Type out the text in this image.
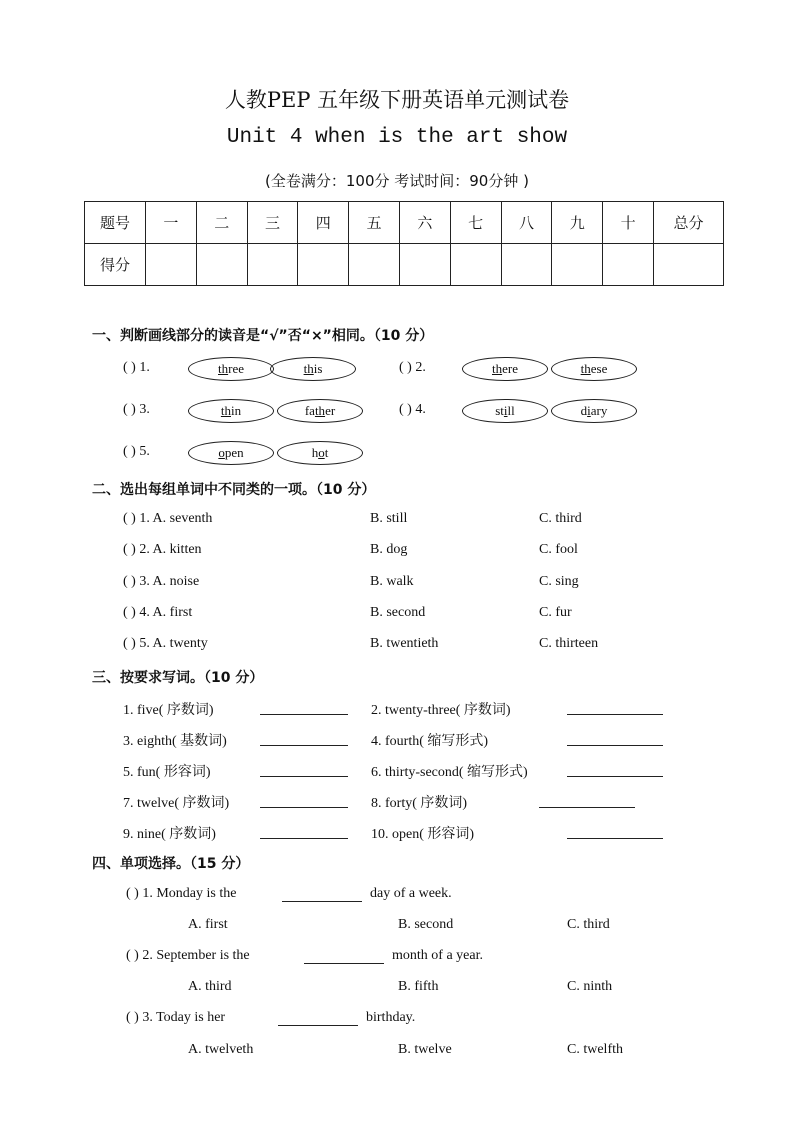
人教PEP 五年级下册英语单元测试卷
Unit 4 when is the art show
(全卷满分：100分 考试时间：90分钟 )
题号	一	二	三	四	五	六	七	八	九	十	总分
得分											
一、判断画线部分的读音是“√”否“×”相同。（10 分）
( ) 1.	three	this	( ) 2.	there	these
( ) 3.	thin	father	( ) 4.	still	diary
( ) 5.	open	hot
二、选出每组单词中不同类的一项。（10 分）
( ) 1. A. seventh	B. still	C. third
( ) 2. A. kitten	B. dog	C. fool
( ) 3. A. noise	B. walk	C. sing
( ) 4. A. first	B. second	C. fur
( ) 5. A. twenty	B. twentieth	C. thirteen
三、按要求写词。（10 分）
1. five( 序数词)	2. twenty-three( 序数词)
3. eighth( 基数词)	4. fourth( 缩写形式)
5. fun( 形容词)	6. thirty-second( 缩写形式)
7. twelve( 序数词)	8. forty( 序数词)
9. nine( 序数词)	10. open( 形容词)
四、单项选择。（15 分）
( ) 1. Monday is the	day of a week.
A. first	B. second	C. third
( ) 2. September is the	month of a year.
A. third	B. fifth	C. ninth
( ) 3. Today is her	birthday.
A. twelveth	B. twelve	C. twelfth
